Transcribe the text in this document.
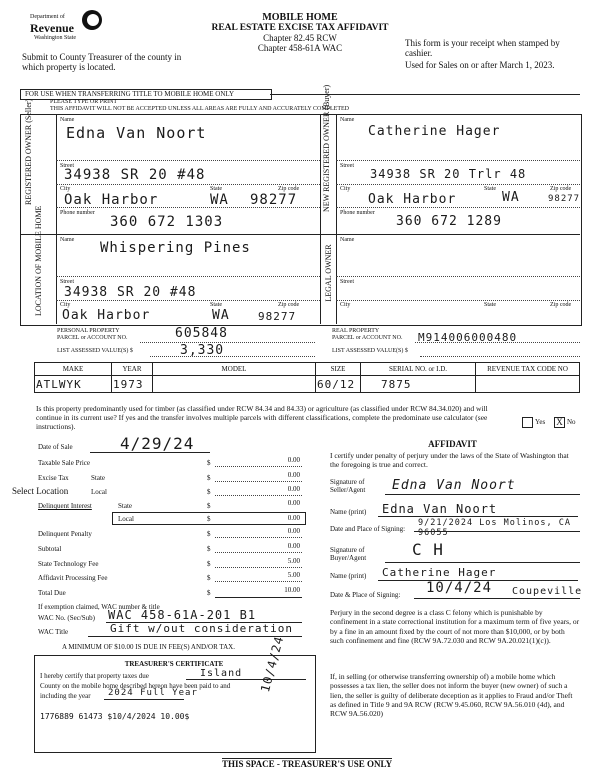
Department of
Revenue
Washington State
MOBILE HOME
REAL ESTATE EXCISE TAX AFFIDAVIT
Chapter 82.45 RCW
Chapter 458-61A WAC
Submit to County Treasurer of the county in which property is located.
This form is your receipt when stamped by cashier.
Used for Sales on or after March 1, 2023.
FOR USE WHEN TRANSFERRING TITLE TO MOBILE HOME ONLY
PLEASE TYPE OR PRINT
THIS AFFIDAVIT WILL NOT BE ACCEPTED UNLESS ALL AREAS ARE FULLY AND ACCURATELY COMPLETED
REGISTERED OWNER (Seller)	NEW REGISTERED OWNER (Buyer)
LOCATION OF MOBILE HOME	LEGAL OWNER
Name
Edna Van Noort
Street
34938 SR 20 #48
City	State	Zip code
Oak Harbor	WA 98277
Phone number
360 672 1303
Name
Catherine Hager
Street
34938 SR 20 Trlr 48
City	State	Zip code
Oak Harbor	WA	98277
Phone number
360 672 1289
Name Whispering Pines
Street
34938 SR 20 #48
City	State	Zip code
Oak Harbor	WA	98277
Name
Street
City	State	Zip code
PERSONAL PROPERTY
PARCEL or ACCOUNT NO.	605848
LIST ASSESSED VALUE(S) $	3,330
REAL PROPERTY
PARCEL or ACCOUNT NO. M914006000480
LIST ASSESSED VALUE(S) $
MAKE	YEAR	MODEL	SIZE	SERIAL NO. or I.D.	REVENUE TAX CODE NO
ATLWYK	1973		60/12	7875	
Is this property predominantly used for timber (as classified under RCW 84.34 and 84.33) or agriculture (as classified under RCW 84.34.020) and will continue in its current use? If yes and the transfer involves multiple parcels with different classifications, complete the predominate use calculator (see instructions).	Yes X No
Date of Sale	4/29/24
Taxable Sale Price	$	0.00
Excise Tax	State	$	0.00
Select Location	Local	$	0.00
Delinquent Interest	State	$	0.00
Local	$	0.00
Delinquent Penalty	$	0.00
Subtotal	$	0.00
State Technology Fee	$	5.00
Affidavit Processing Fee	$	5.00
Total Due	$	10.00
If exemption claimed, WAC number & title
WAC No. (Sec/Sub) WAC 458-61A-201 B1
WAC Title	Gift w/out consideration
A MINIMUM OF $10.00 IS DUE IN FEE(S) AND/OR TAX.
TREASURER'S CERTIFICATE
I hereby certify that property taxes due	Island
County on the mobile home described hereon have been paid to and
including the year 2024 Full Year
1776889 61473 $10/4/2024 10.00$
10/4/24
THIS SPACE - TREASURER'S USE ONLY
AFFIDAVIT
I certify under penalty of perjury under the laws of the State of Washington that the foregoing is true and correct.
Signature of Seller/Agent	Edna Van Noort
Name (print) Edna Van Noort
Date and Place of Signing:
9/21/2024 Los Molinos, CA 96055
Signature of Buyer/Agent	C H
Name (print) Catherine Hager
Date & Place of Signing: 10/4/24 Coupeville
Perjury in the second degree is a class C felony which is punishable by confinement in a state correctional institution for a maximum term of five years, or by a fine in an amount fixed by the court of not more than $10,000, or by both such confinement and fine (RCW 9A.72.030 and RCW 9A.20.021(1)(c)).
If, in selling (or otherwise transferring ownership of) a mobile home which possesses a tax lien, the seller does not inform the buyer (new owner) of such a lien, the seller is guilty of deliberate deception as it applies to Fraud and/or Theft as defined in Title 9 and 9A RCW (RCW 9.45.060, RCW 9A.56.010 (4d), and RCW 9A.56.020)
